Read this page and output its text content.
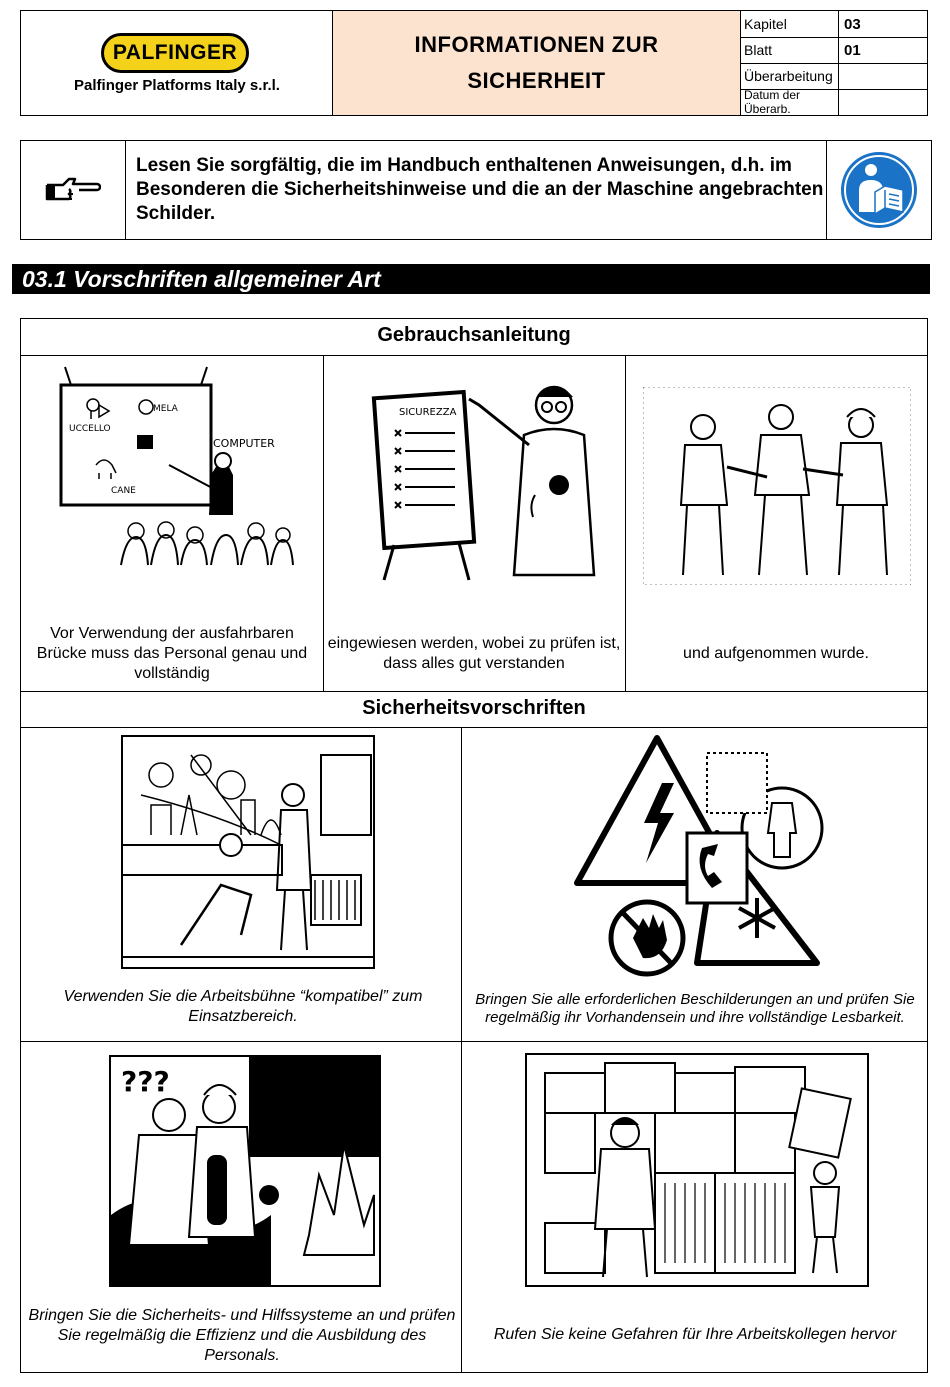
PALFINGER
Palfinger Platforms Italy s.r.l.
INFORMATIONEN ZUR
SICHERHEIT
Kapitel	03
Blatt	01
Überarbeitung
Datum der Überarb.
Lesen Sie sorgfältig, die im Handbuch enthaltenen Anweisungen, d.h. im Besonderen die Sicherheitshinweise und die an der Maschine angebrachten Schilder.
03.1 Vorschriften allgemeiner Art
Gebrauchsanleitung
UCCELLO
MELA
CANE
COMPUTER
Vor Verwendung der ausfahrbaren Brücke muss das Personal genau und vollständig
SICUREZZA
eingewiesen werden, wobei zu prüfen ist, dass alles gut verstanden
und aufgenommen wurde.
Sicherheitsvorschriften
Verwenden Sie die Arbeitsbühne “kompatibel” zum Einsatzbereich.
Bringen Sie alle erforderlichen Beschilderungen an und prüfen Sie regelmäßig ihr Vorhandensein und ihre vollständige Lesbarkeit.
???
Bringen Sie die Sicherheits- und Hilfssysteme an und prüfen Sie regelmäßig die Effizienz und die Ausbildung des Personals.
Rufen Sie keine Gefahren für Ihre Arbeitskollegen hervor
